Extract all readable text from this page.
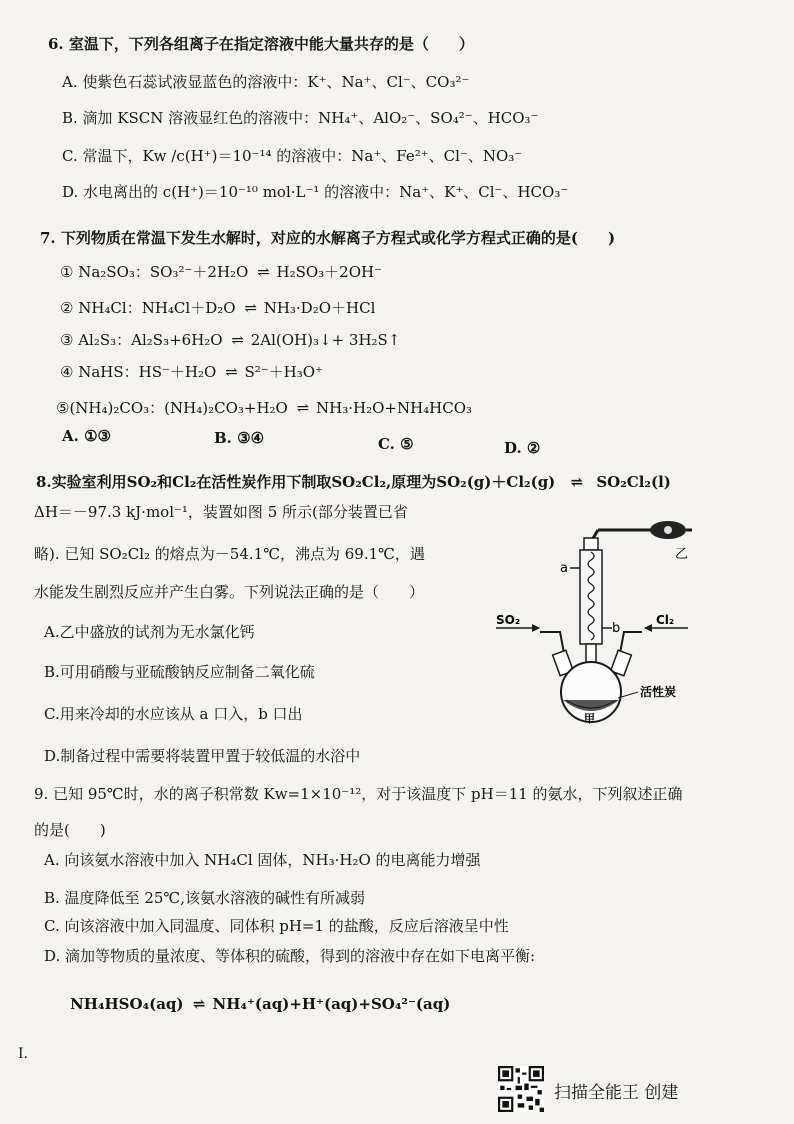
6. 室温下，下列各组离子在指定溶液中能大量共存的是（　　）
A. 使紫色石蕊试液显蓝色的溶液中：K⁺、Na⁺、Cl⁻、CO₃²⁻
B. 滴加 KSCN 溶液显红色的溶液中：NH₄⁺、AlO₂⁻、SO₄²⁻、HCO₃⁻
C. 常温下，Kw /c(H⁺)＝10⁻¹⁴ 的溶液中：Na⁺、Fe²⁺、Cl⁻、NO₃⁻
D. 水电离出的 c(H⁺)＝10⁻¹⁰ mol·L⁻¹ 的溶液中：Na⁺、K⁺、Cl⁻、HCO₃⁻
7. 下列物质在常温下发生水解时，对应的水解离子方程式或化学方程式正确的是(　　)
① Na₂SO₃：SO₃²⁻＋2H₂O ⇌ H₂SO₃＋2OH⁻
② NH₄Cl：NH₄Cl＋D₂O ⇌ NH₃·D₂O＋HCl
③ Al₂S₃：Al₂S₃+6H₂O ⇌ 2Al(OH)₃↓+ 3H₂S↑
④ NaHS：HS⁻＋H₂O ⇌ S²⁻＋H₃O⁺
⑤(NH₄)₂CO₃：(NH₄)₂CO₃+H₂O ⇌ NH₃·H₂O+NH₄HCO₃
A. ①③	B. ③④	C. ⑤	D. ②
8.实验室利用SO₂和Cl₂在活性炭作用下制取SO₂Cl₂,原理为SO₂(g)＋Cl₂(g) ⇌ SO₂Cl₂(l)
ΔH＝－97.3 kJ·mol⁻¹，装置如图 5 所示(部分装置已省
略). 已知 SO₂Cl₂ 的熔点为－54.1℃，沸点为 69.1℃，遇
水能发生剧烈反应并产生白雾。下列说法正确的是（　　）
A.乙中盛放的试剂为无水氯化钙
B.可用硝酸与亚硫酸钠反应制备二氧化硫
C.用来冷却的水应该从 a 口入，b 口出
D.制备过程中需要将装置甲置于较低温的水浴中
乙
a
b
SO₂	Cl₂
活性炭
甲
9. 已知 95℃时，水的离子积常数 Kw=1×10⁻¹²，对于该温度下 pH＝11 的氨水，下列叙述正确
的是(　　)
A. 向该氨水溶液中加入 NH₄Cl 固体，NH₃·H₂O 的电离能力增强
B. 温度降低至 25℃,该氨水溶液的碱性有所减弱
C. 向该溶液中加入同温度、同体积 pH=1 的盐酸，反应后溶液呈中性
D. 滴加等物质的量浓度、等体积的硫酸，得到的溶液中存在如下电离平衡:
NH₄HSO₄(aq) ⇌ NH₄⁺(aq)+H⁺(aq)+SO₄²⁻(aq)
I.
扫描全能王 创建
